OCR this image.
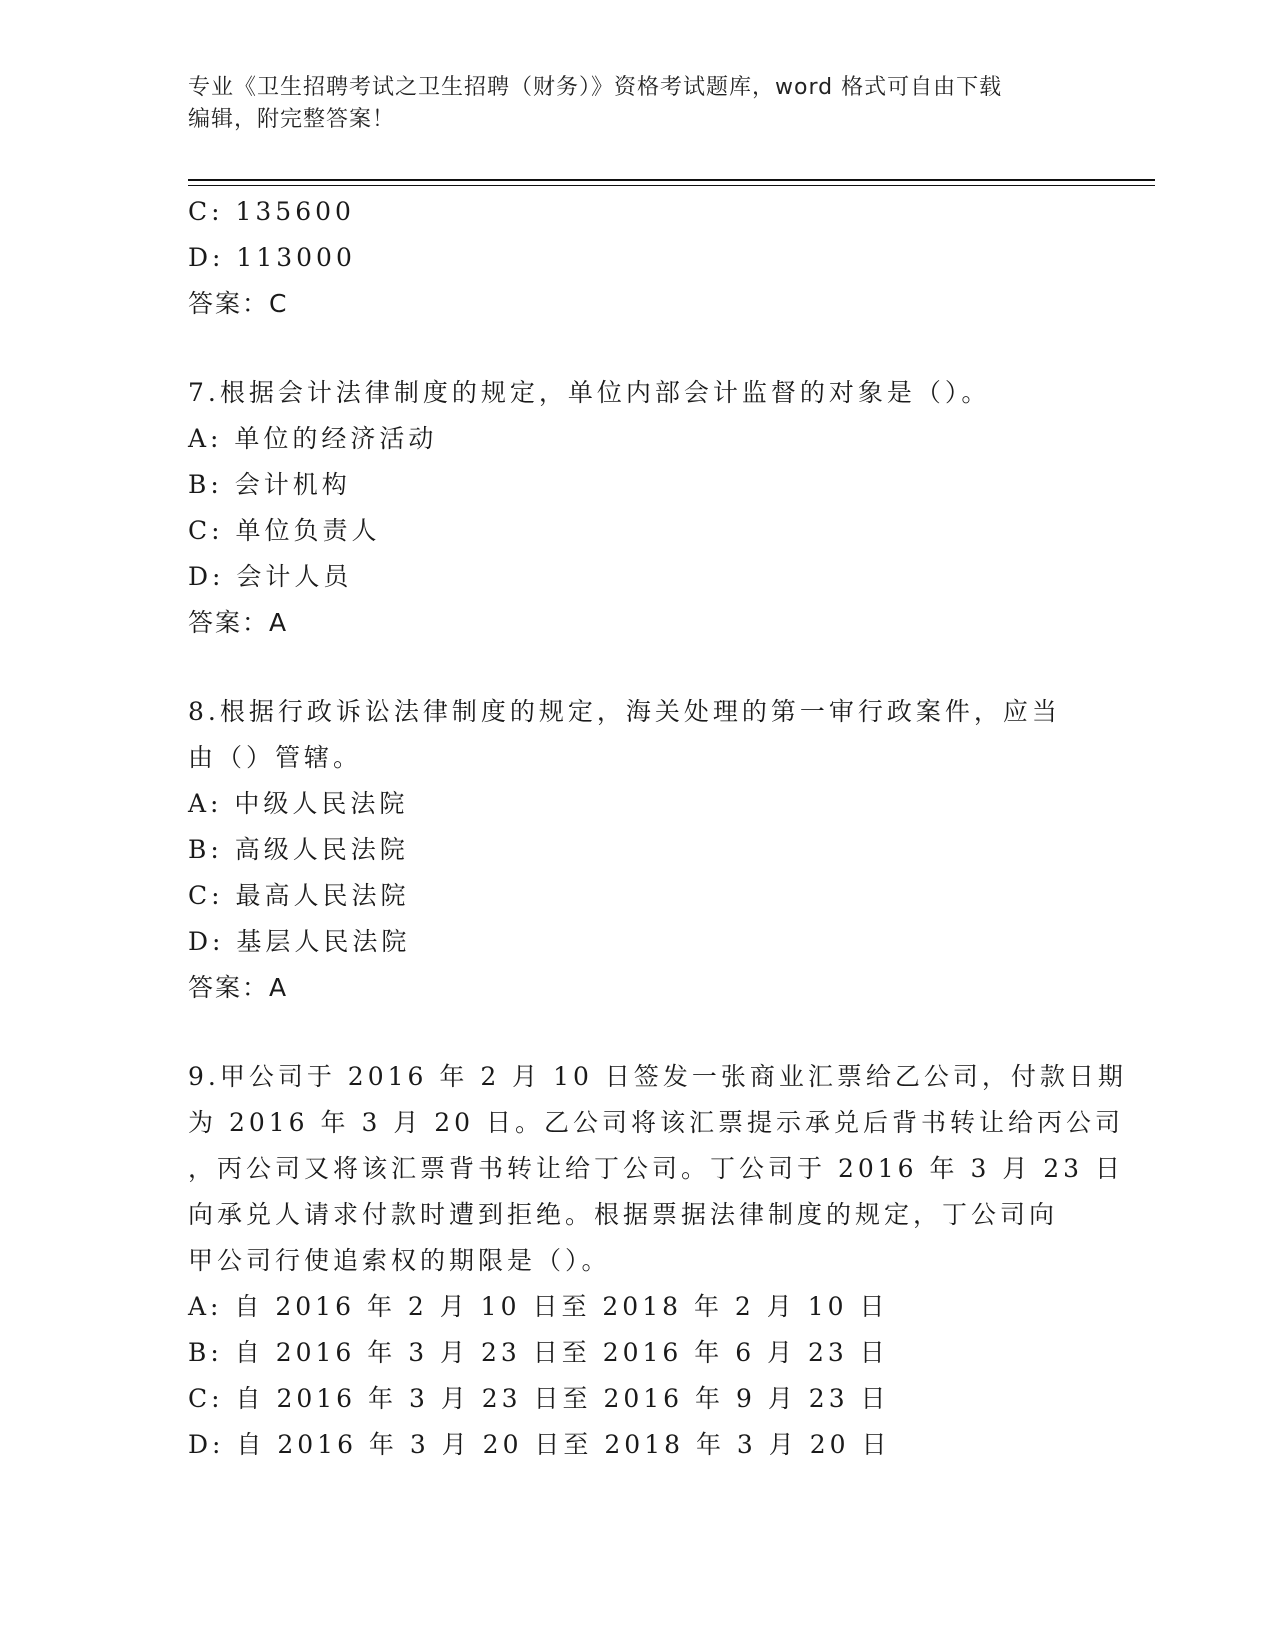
专业《卫生招聘考试之卫生招聘（财务）》资格考试题库，word 格式可自由下载
编辑，附完整答案！
C: 135600
D: 113000
答案：C
7.根据会计法律制度的规定，单位内部会计监督的对象是（）。
A: 单位的经济活动
B: 会计机构
C: 单位负责人
D: 会计人员
答案：A
8.根据行政诉讼法律制度的规定，海关处理的第一审行政案件，应当
由（）管辖。
A: 中级人民法院
B: 高级人民法院
C: 最高人民法院
D: 基层人民法院
答案：A
9.甲公司于 2016 年 2 月 10 日签发一张商业汇票给乙公司，付款日期
为 2016 年 3 月 20 日。乙公司将该汇票提示承兑后背书转让给丙公司
，丙公司又将该汇票背书转让给丁公司。丁公司于 2016 年 3 月 23 日
向承兑人请求付款时遭到拒绝。根据票据法律制度的规定，丁公司向
甲公司行使追索权的期限是（）。
A: 自 2016 年 2 月 10 日至 2018 年 2 月 10 日
B: 自 2016 年 3 月 23 日至 2016 年 6 月 23 日
C: 自 2016 年 3 月 23 日至 2016 年 9 月 23 日
D: 自 2016 年 3 月 20 日至 2018 年 3 月 20 日
